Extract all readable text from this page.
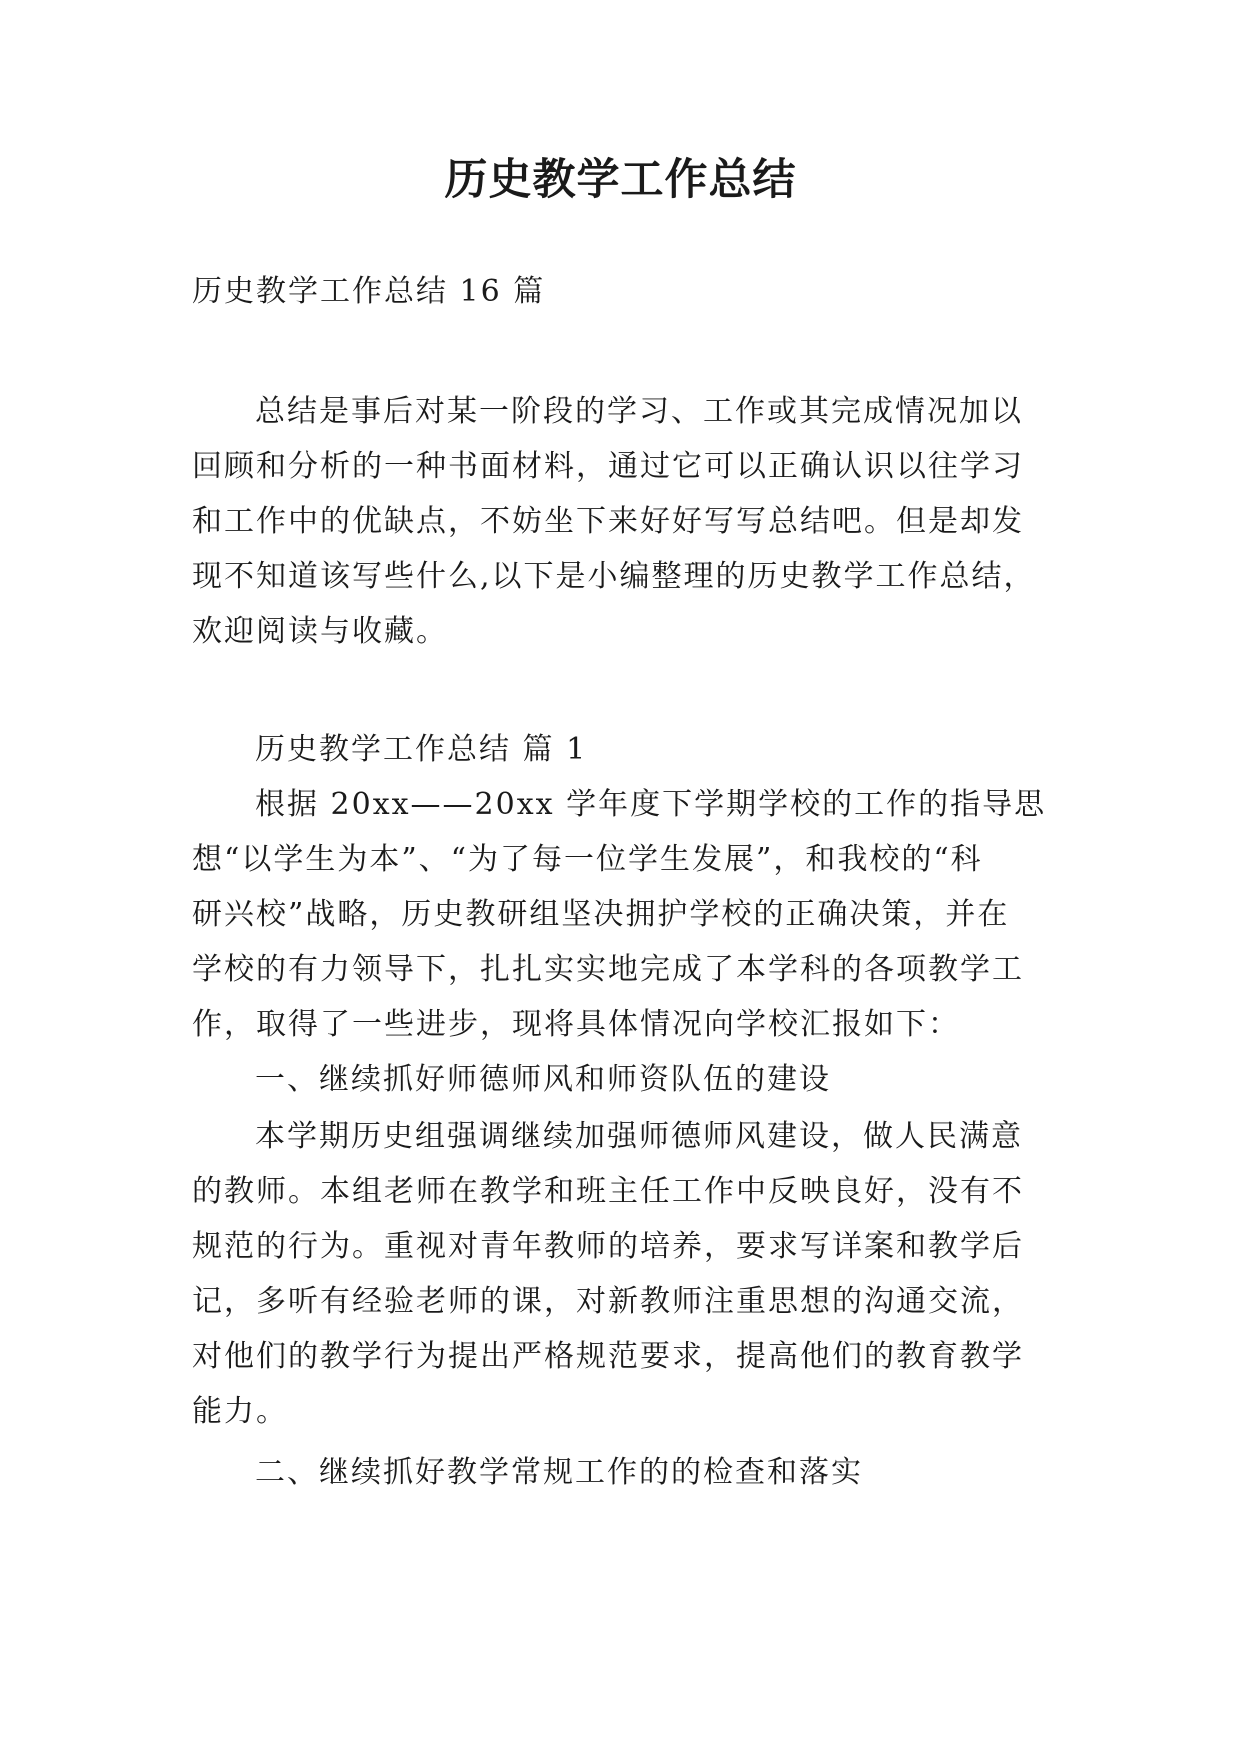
历史教学工作总结
历史教学工作总结 16 篇
总结是事后对某一阶段的学习、工作或其完成情况加以
回顾和分析的一种书面材料，通过它可以正确认识以往学习
和工作中的优缺点，不妨坐下来好好写写总结吧。但是却发
现不知道该写些什么,以下是小编整理的历史教学工作总结，
欢迎阅读与收藏。
历史教学工作总结 篇 1
根据 20xx——20xx 学年度下学期学校的工作的指导思
想“以学生为本”、“为了每一位学生发展”，和我校的“科
研兴校”战略，历史教研组坚决拥护学校的正确决策，并在
学校的有力领导下，扎扎实实地完成了本学科的各项教学工
作，取得了一些进步，现将具体情况向学校汇报如下：
一、继续抓好师德师风和师资队伍的建设
本学期历史组强调继续加强师德师风建设，做人民满意
的教师。本组老师在教学和班主任工作中反映良好，没有不
规范的行为。重视对青年教师的培养，要求写详案和教学后
记，多听有经验老师的课，对新教师注重思想的沟通交流，
对他们的教学行为提出严格规范要求，提高他们的教育教学
能力。
二、继续抓好教学常规工作的的检查和落实
